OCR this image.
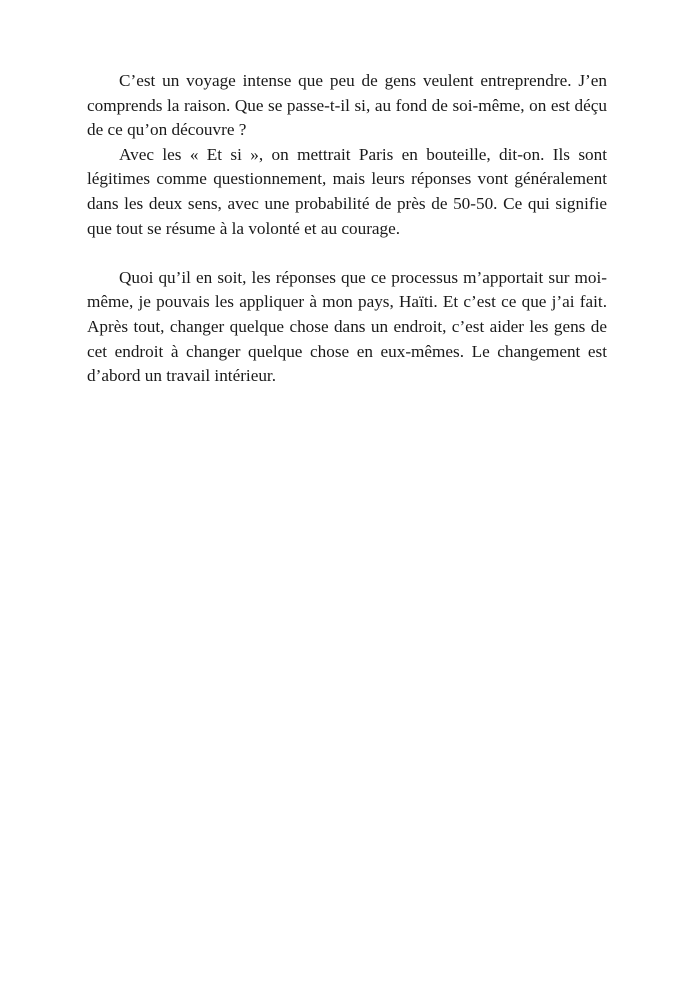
C’est un voyage intense que peu de gens veulent entreprendre. J’en comprends la raison. Que se passe-t-il si, au fond de soi-même, on est déçu de ce qu’on découvre ?

Avec les « Et si », on mettrait Paris en bouteille, dit-on. Ils sont légitimes comme questionnement, mais leurs réponses vont généralement dans les deux sens, avec une probabilité de près de 50-50. Ce qui signifie que tout se résume à la volonté et au courage.

Quoi qu’il en soit, les réponses que ce processus m’apportait sur moi-même, je pouvais les appliquer à mon pays, Haïti. Et c’est ce que j’ai fait. Après tout, changer quelque chose dans un endroit, c’est aider les gens de cet endroit à changer quelque chose en eux-mêmes. Le changement est d’abord un travail intérieur.
